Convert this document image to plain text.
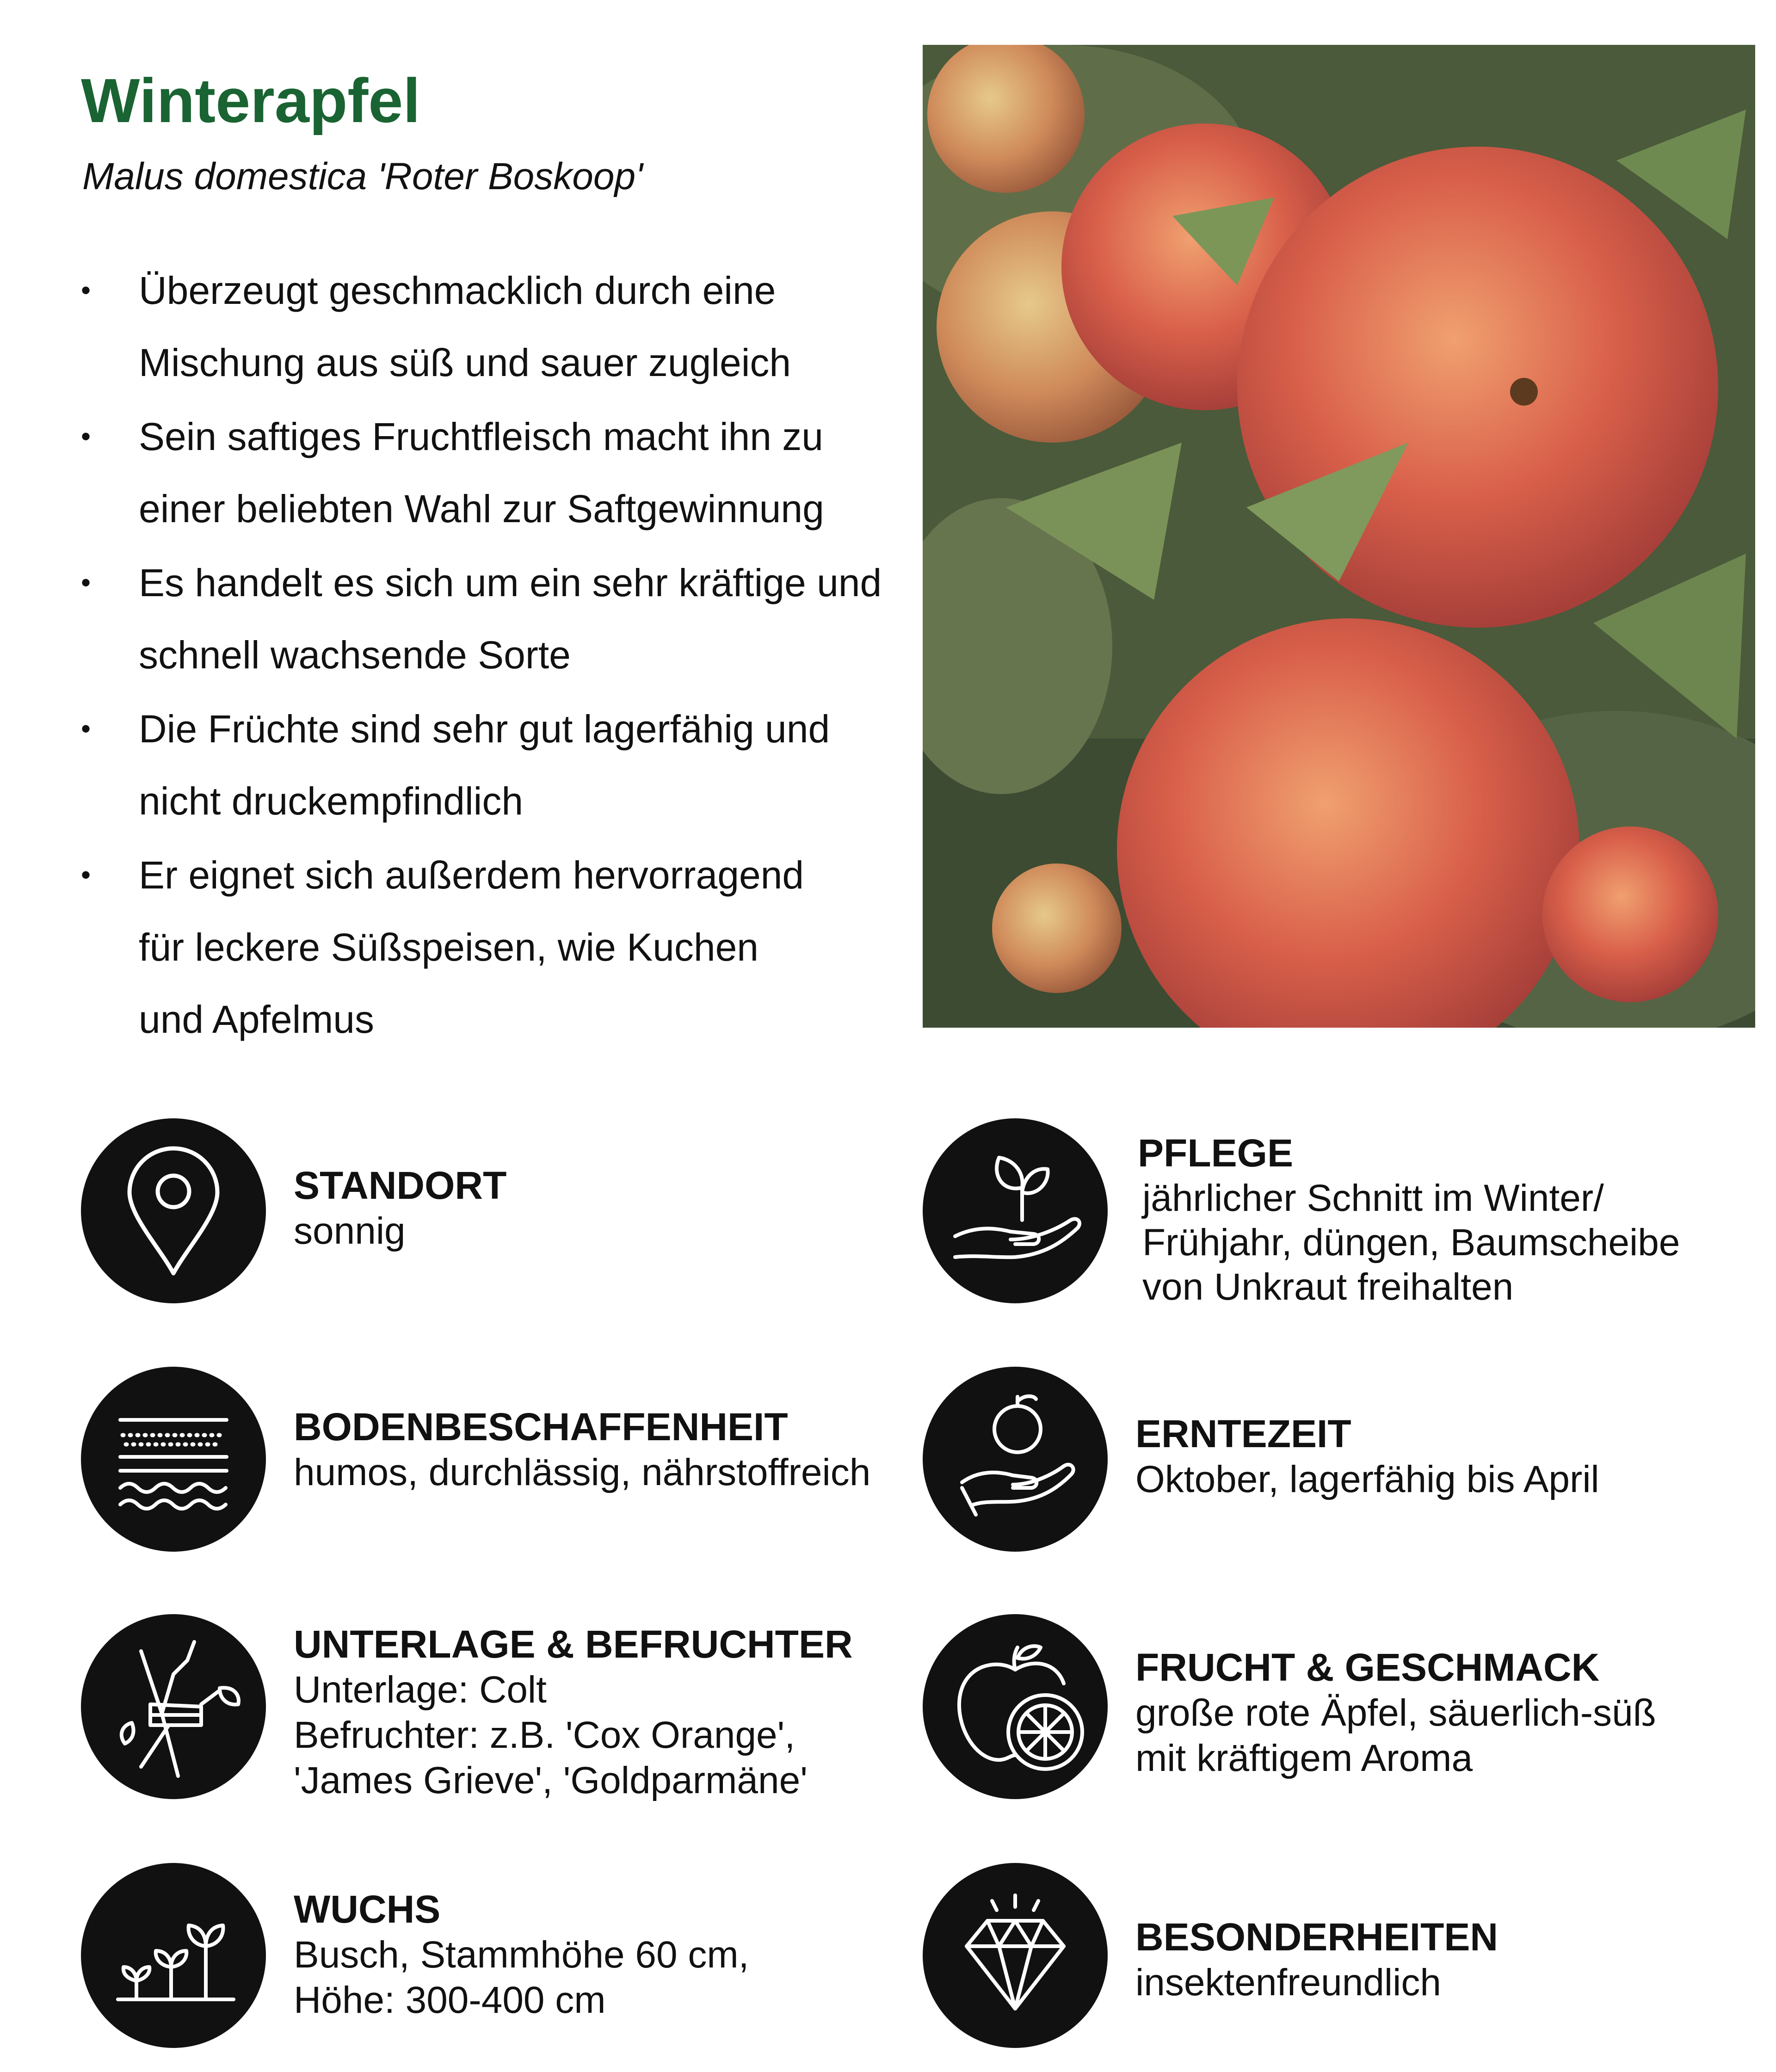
Winterapfel
Malus domestica 'Roter Boskoop'
• Überzeugt geschmacklich durch eine Mischung aus süß und sauer zugleich
• Sein saftiges Fruchtfleisch macht ihn zu einer beliebten Wahl zur Saftgewinnung
• Es handelt es sich um ein sehr kräftige und schnell wachsende Sorte
• Die Früchte sind sehr gut lagerfähig und nicht druckempfindlich
• Er eignet sich außerdem hervorragend für leckere Süßspeisen, wie Kuchen und Apfelmus
STANDORT
sonnig
PFLEGE
jährlicher Schnitt im Winter/
Frühjahr, düngen, Baumscheibe
von Unkraut freihalten
BODENBESCHAFFENHEIT
humos, durchlässig, nährstoffreich
ERNTEZEIT
Oktober, lagerfähig bis April
UNTERLAGE & BEFRUCHTER
Unterlage: Colt
Befruchter: z.B. 'Cox Orange',
'James Grieve', 'Goldparmäne'
FRUCHT & GESCHMACK
große rote Äpfel, säuerlich-süß
mit kräftigem Aroma
WUCHS
Busch, Stammhöhe 60 cm,
Höhe: 300-400 cm
BESONDERHEITEN
insektenfreundlich
